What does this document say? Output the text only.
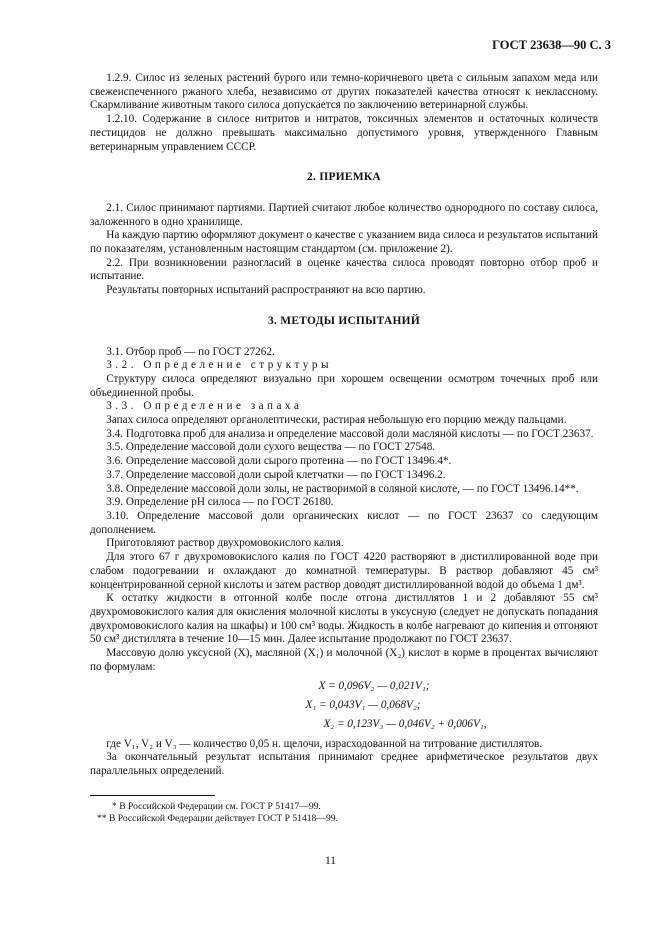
ГОСТ 23638—90 С. 3

1.2.9. Силос из зеленых растений бурого или темно-коричневого цвета с сильным запахом меда или свежеиспеченного ржаного хлеба, независимо от других показателей качества относят к неклассному. Скармливание животным такого силоса допускается по заключению ветеринарной службы.

1.2.10. Содержание в силосе нитритов и нитратов, токсичных элементов и остаточных количеств пестицидов не должно превышать максимально допустимого уровня, утвержденного Главным ветеринарным управлением СССР.

2. ПРИЕМКА

2.1. Силос принимают партиями. Партией считают любое количество однородного по составу силоса, заложенного в одно хранилище.

На каждую партию оформляют документ о качестве с указанием вида силоса и результатов испытаний по показателям, установленным настоящим стандартом (см. приложение 2).

2.2. При возникновении разногласий в оценке качества силоса проводят повторно отбор проб и испытание.

Результаты повторных испытаний распространяют на всю партию.

3. МЕТОДЫ ИСПЫТАНИЙ

3.1. Отбор проб — по ГОСТ 27262.

3.2. Определение структуры

Структуру силоса определяют визуально при хорошем освещении осмотром точечных проб или объединенной пробы.

3.3. Определение запаха

Запах силоса определяют органолептически, растирая небольшую его порцию между пальцами.

3.4. Подготовка проб для анализа и определение массовой доли масляной кислоты — по ГОСТ 23637.

3.5. Определение массовой доли сухого вещества — по ГОСТ 27548.

3.6. Определение массовой доли сырого протеина — по ГОСТ 13496.4*.

3.7. Определение массовой доли сырой клетчатки — по ГОСТ 13496.2.

3.8. Определение массовой доли золы, не растворимой в соляной кислоте, — по ГОСТ 13496.14**.

3.9. Определение pH силоса — по ГОСТ 26180.

3.10. Определение массовой доли органических кислот — по ГОСТ 23637 со следующим дополнением.

Приготовляют раствор двухромовокислого калия.

Для этого 67 г двухромовокислого калия по ГОСТ 4220 растворяют в дистиллированной воде при слабом подогревании и охлаждают до комнатной температуры. В раствор добавляют 45 см³ концентрированной серной кислоты и затем раствор доводят дистиллированной водой до объема 1 дм³.

К остатку жидкости в отгонной колбе после отгона дистиллятов 1 и 2 добавляют 55 см³ двухромовокислого калия для окисления молочной кислоты в уксусную (следует не допускать попадания двухромовокислого калия на шкафы) и 100 см³ воды. Жидкость в колбе нагревают до кипения и отгоняют 50 см³ дистиллята в течение 10—15 мин. Далее испытание продолжают по ГОСТ 23637.

Массовую долю уксусной (X), масляной (X₁) и молочной (X₂) кислот в корме в процентах вычисляют по формулам:

X = 0,096V₂ — 0,021V₁;
X₁ = 0,043V₁ — 0,068V₂;
X₂ = 0,123V₃ — 0,046V₂ + 0,006V₁,

где V₁, V₂ и V₃ — количество 0,05 н. щелочи, израсходованной на титрование дистиллятов.

За окончательный результат испытания принимают среднее арифметическое результатов двух параллельных определений.

* В Российской Федерации см. ГОСТ Р 51417—99.

** В Российской Федерации действует ГОСТ Р 51418—99.

11
